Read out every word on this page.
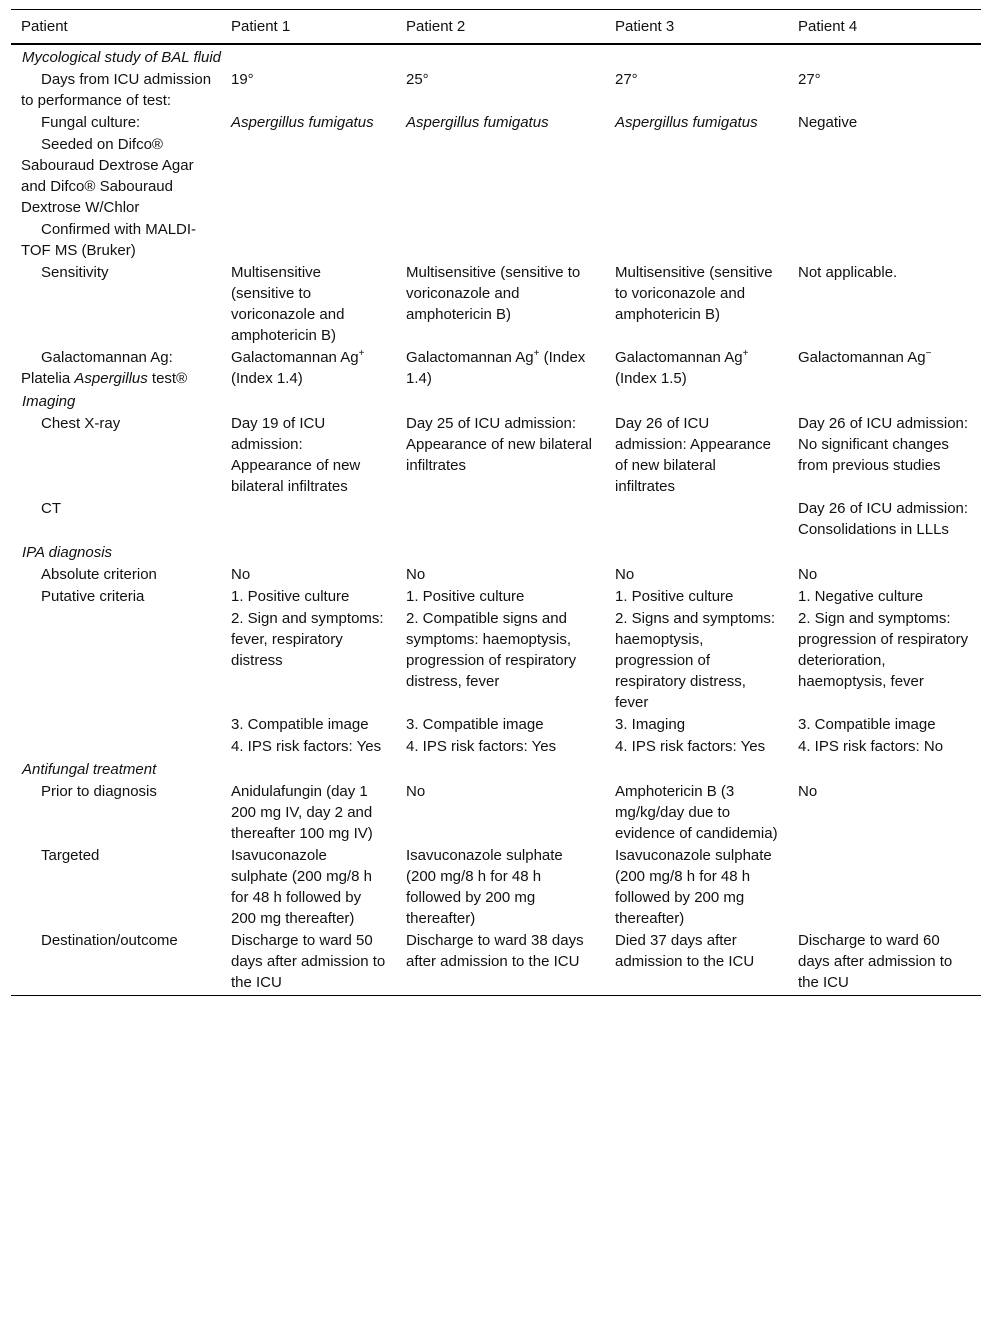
Patient	Patient 1	Patient 2	Patient 3	Patient 4
Mycological study of BAL fluid				
Days from ICU admission to performance of test:	19°	25°	27°	27°
Fungal culture:	Aspergillus fumigatus	Aspergillus fumigatus	Aspergillus fumigatus	Negative
Seeded on Difco® Sabouraud Dextrose Agar and Difco® Sabouraud Dextrose W/Chlor				
Confirmed with MALDI-TOF MS (Bruker)				
Sensitivity	Multisensitive (sensitive to voriconazole and amphotericin B)	Multisensitive (sensitive to voriconazole and amphotericin B)	Multisensitive (sensitive to voriconazole and amphotericin B)	Not applicable.
Galactomannan Ag: Platelia Aspergillus test®	Galactomannan Ag+ (Index 1.4)	Galactomannan Ag+ (Index 1.4)	Galactomannan Ag+ (Index 1.5)	Galactomannan Ag−
Imaging				
Chest X-ray	Day 19 of ICU admission: Appearance of new bilateral infiltrates	Day 25 of ICU admission: Appearance of new bilateral infiltrates	Day 26 of ICU admission: Appearance of new bilateral infiltrates	Day 26 of ICU admission: No significant changes from previous studies
CT				Day 26 of ICU admission: Consolidations in LLLs
IPA diagnosis				
Absolute criterion	No	No	No	No
Putative criteria	1. Positive culture	1. Positive culture	1. Positive culture	1. Negative culture
	2. Sign and symptoms: fever, respiratory distress	2. Compatible signs and symptoms: haemoptysis, progression of respiratory distress, fever	2. Signs and symptoms: haemoptysis, progression of respiratory distress, fever	2. Sign and symptoms: progression of respiratory deterioration, haemoptysis, fever
	3. Compatible image	3. Compatible image	3. Imaging	3. Compatible image
	4. IPS risk factors: Yes	4. IPS risk factors: Yes	4. IPS risk factors: Yes	4. IPS risk factors: No
Antifungal treatment				
Prior to diagnosis	Anidulafungin (day 1 200 mg IV, day 2 and thereafter 100 mg IV)	No	Amphotericin B (3 mg/kg/day due to evidence of candidemia)	No
Targeted	Isavuconazole sulphate (200 mg/8 h for 48 h followed by 200 mg thereafter)	Isavuconazole sulphate (200 mg/8 h for 48 h followed by 200 mg thereafter)	Isavuconazole sulphate (200 mg/8 h for 48 h followed by 200 mg thereafter)	
Destination/outcome	Discharge to ward 50 days after admission to the ICU	Discharge to ward 38 days after admission to the ICU	Died 37 days after admission to the ICU	Discharge to ward 60 days after admission to the ICU
